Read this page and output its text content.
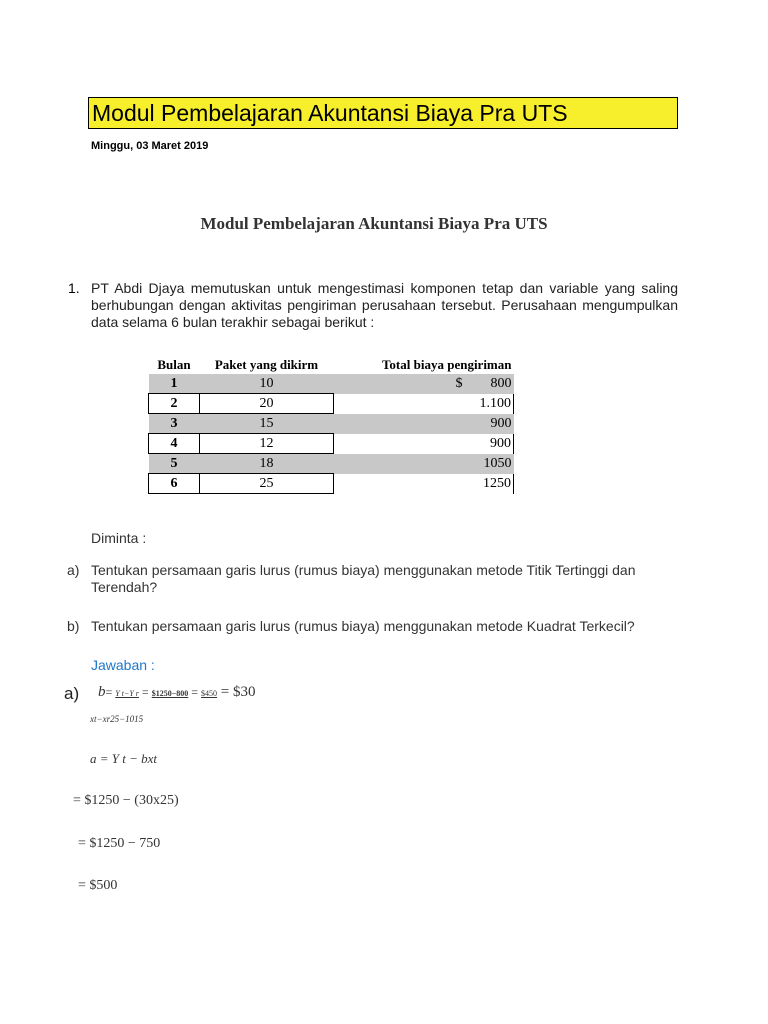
Modul Pembelajaran Akuntansi Biaya Pra UTS
Minggu, 03 Maret 2019
Modul Pembelajaran Akuntansi Biaya Pra UTS
1. PT Abdi Djaya memutuskan untuk mengestimasi komponen tetap dan variable yang saling berhubungan dengan aktivitas pengiriman perusahaan tersebut. Perusahaan mengumpulkan data selama 6 bulan terakhir sebagai berikut :
Bulan	Paket yang dikirm	Total biaya pengiriman
1	10	$ 800
2	20	1.100
3	15	900
4	12	900
5	18	1050
6	25	1250
Diminta :
a) Tentukan persamaan garis lurus (rumus biaya) menggunakan metode Titik Tertinggi dan Terendah?
b) Tentukan persamaan garis lurus (rumus biaya) menggunakan metode Kuadrat Terkecil?
Jawaban :
a) b= Y t−Y r = $1250−800 = $450 = $30
xt−xr25−1015
a = Y t − bxt
= $1250 − (30x25)
= $1250 − 750
= $500
